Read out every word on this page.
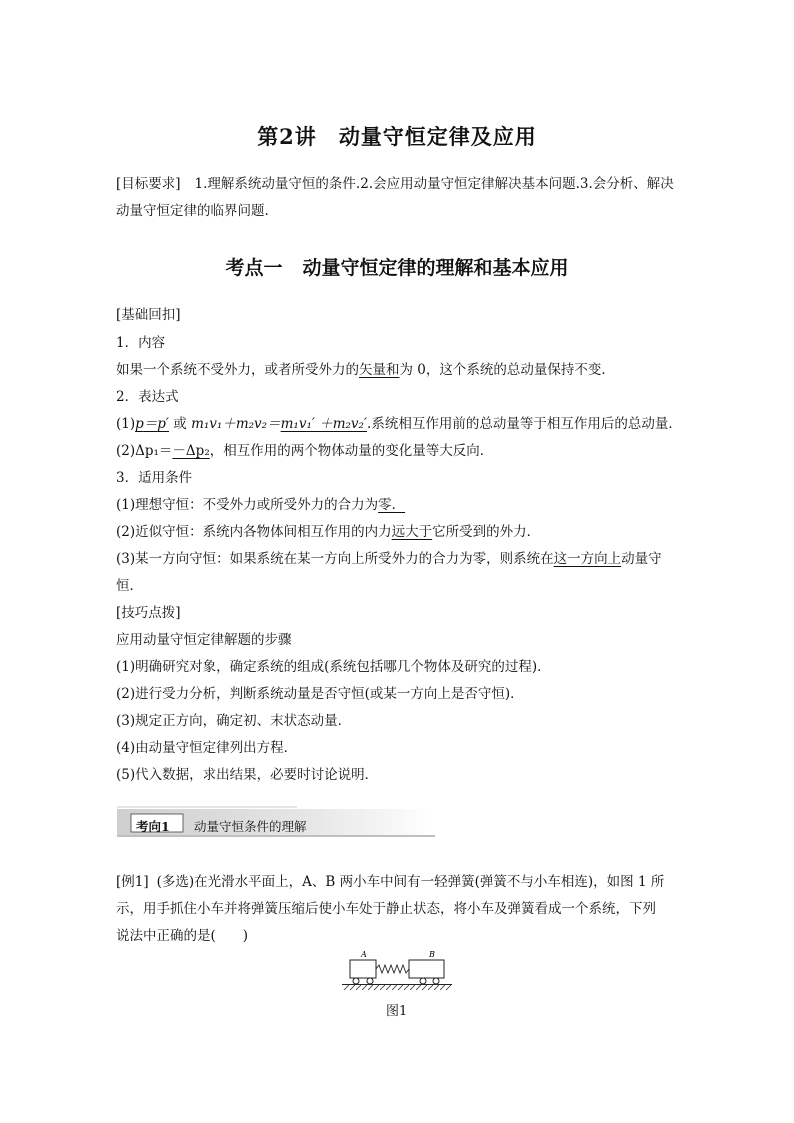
第2讲 动量守恒定律及应用
[目标要求] 1.理解系统动量守恒的条件.2.会应用动量守恒定律解决基本问题.3.会分析、解决
动量守恒定律的临界问题.
考点一 动量守恒定律的理解和基本应用
[基础回扣]
1．内容
如果一个系统不受外力，或者所受外力的矢量和为 0，这个系统的总动量保持不变．
2．表达式
(1)p＝p′ 或 m₁v₁＋m₂v₂＝m₁v₁′ ＋m₂v₂′.系统相互作用前的总动量等于相互作用后的总动量．
(2)Δp₁＝－Δp₂，相互作用的两个物体动量的变化量等大反向．
3．适用条件
(1)理想守恒：不受外力或所受外力的合力为零．
(2)近似守恒：系统内各物体间相互作用的内力远大于它所受到的外力．
(3)某一方向守恒：如果系统在某一方向上所受外力的合力为零，则系统在这一方向上动量守
恒．
[技巧点拨]
应用动量守恒定律解题的步骤
(1)明确研究对象，确定系统的组成(系统包括哪几个物体及研究的过程)．
(2)进行受力分析，判断系统动量是否守恒(或某一方向上是否守恒)．
(3)规定正方向，确定初、末状态动量．
(4)由动量守恒定律列出方程．
(5)代入数据，求出结果，必要时讨论说明．
考向1 动量守恒条件的理解
[例1] (多选)在光滑水平面上，A、B 两小车中间有一轻弹簧(弹簧不与小车相连)，如图 1 所
示，用手抓住小车并将弹簧压缩后使小车处于静止状态，将小车及弹簧看成一个系统，下列
说法中正确的是(　　)
A	B
图1
